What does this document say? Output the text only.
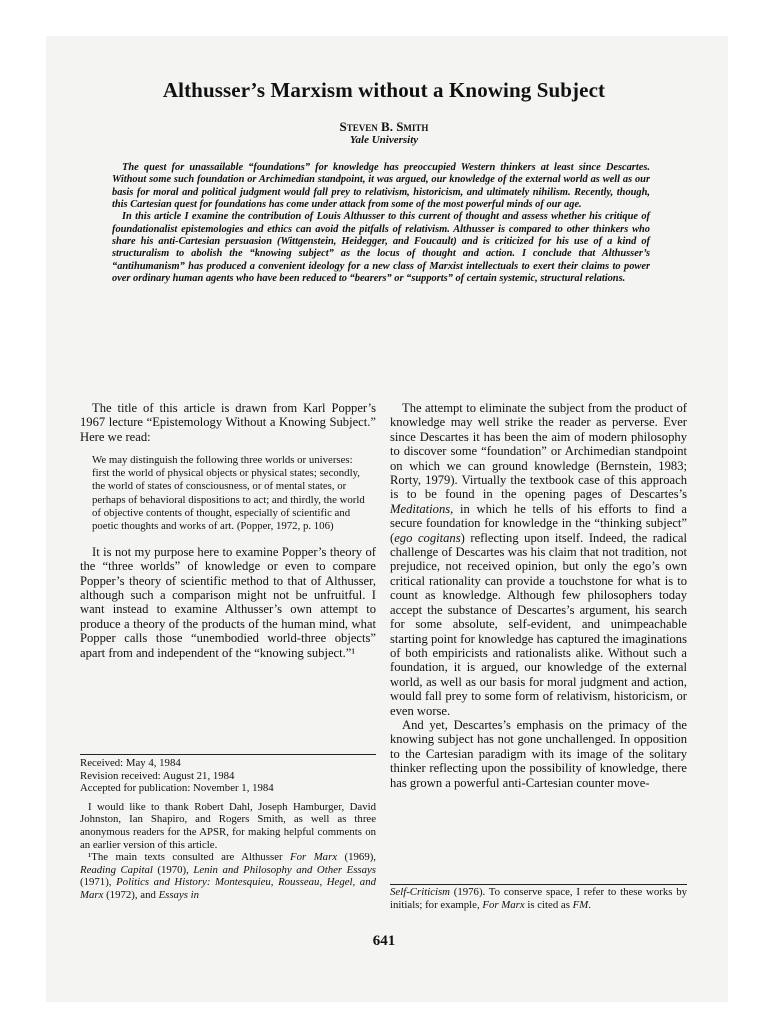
Althusser’s Marxism without a Knowing Subject
Steven B. Smith
Yale University

The quest for unassailable “foundations” for knowledge has preoccupied Western thinkers at least since Descartes. Without some such foundation or Archimedian standpoint, it was argued, our knowledge of the external world as well as our basis for moral and political judgment would fall prey to relativism, historicism, and ultimately nihilism. Recently, though, this Cartesian quest for foundations has come under attack from some of the most powerful minds of our age.

In this article I examine the contribution of Louis Althusser to this current of thought and assess whether his critique of foundationalist epistemologies and ethics can avoid the pitfalls of relativism. Althusser is compared to other thinkers who share his anti-Cartesian persuasion (Wittgenstein, Heidegger, and Foucault) and is criticized for his use of a kind of structuralism to abolish the “knowing subject” as the locus of thought and action. I conclude that Althusser’s “antihumanism” has produced a convenient ideology for a new class of Marxist intellectuals to exert their claims to power over ordinary human agents who have been reduced to “bearers” or “supports” of certain systemic, structural relations.

The title of this article is drawn from Karl Popper’s 1967 lecture “Epistemology Without a Knowing Subject.” Here we read:

We may distinguish the following three worlds or universes: first the world of physical objects or physical states; secondly, the world of states of consciousness, or of mental states, or perhaps of behavioral dispositions to act; and thirdly, the world of objective contents of thought, especially of scientific and poetic thoughts and works of art. (Popper, 1972, p. 106)

It is not my purpose here to examine Popper’s theory of the “three worlds” of knowledge or even to compare Popper’s theory of scientific method to that of Althusser, although such a comparison might not be unfruitful. I want instead to examine Althusser’s own attempt to produce a theory of the products of the human mind, what Popper calls those “unembodied world-three objects” apart from and independent of the “knowing subject.”¹

Received: May 4, 1984
Revision received: August 21, 1984
Accepted for publication: November 1, 1984

I would like to thank Robert Dahl, Joseph Hamburger, David Johnston, Ian Shapiro, and Rogers Smith, as well as three anonymous readers for the APSR, for making helpful comments on an earlier version of this article.

¹The main texts consulted are Althusser For Marx (1969), Reading Capital (1970), Lenin and Philosophy and Other Essays (1971), Politics and History: Montesquieu, Rousseau, Hegel, and Marx (1972), and Essays in

The attempt to eliminate the subject from the product of knowledge may well strike the reader as perverse. Ever since Descartes it has been the aim of modern philosophy to discover some “foundation” or Archimedian standpoint on which we can ground knowledge (Bernstein, 1983; Rorty, 1979). Virtually the textbook case of this approach is to be found in the opening pages of Descartes’s Meditations, in which he tells of his efforts to find a secure foundation for knowledge in the “thinking subject” (ego cogitans) reflecting upon itself. Indeed, the radical challenge of Descartes was his claim that not tradition, not prejudice, not received opinion, but only the ego’s own critical rationality can provide a touchstone for what is to count as knowledge. Although few philosophers today accept the substance of Descartes’s argument, his search for some absolute, self-evident, and unimpeachable starting point for knowledge has captured the imaginations of both empiricists and rationalists alike. Without such a foundation, it is argued, our knowledge of the external world, as well as our basis for moral judgment and action, would fall prey to some form of relativism, historicism, or even worse.

And yet, Descartes’s emphasis on the primacy of the knowing subject has not gone unchallenged. In opposition to the Cartesian paradigm with its image of the solitary thinker reflecting upon the possibility of knowledge, there has grown a powerful anti-Cartesian counter move-

Self-Criticism (1976). To conserve space, I refer to these works by initials; for example, For Marx is cited as FM.
641
